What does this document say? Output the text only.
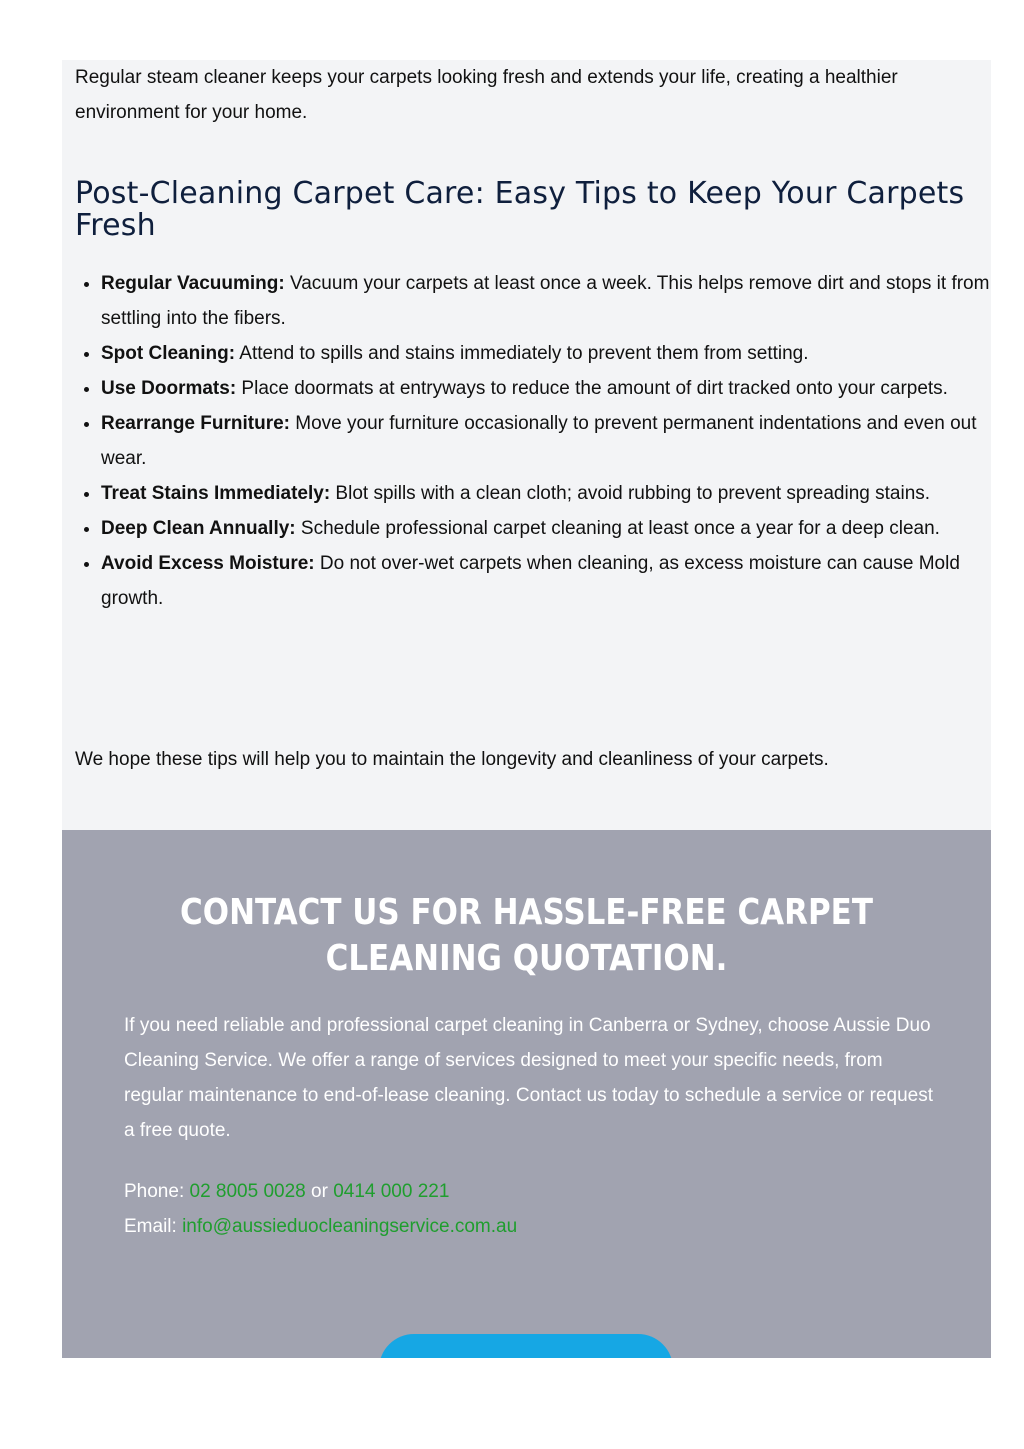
Regular steam cleaner keeps your carpets looking fresh and extends your life, creating a healthier environment for your home.

Post-Cleaning Carpet Care: Easy Tips to Keep Your Carpets Fresh
• Regular Vacuuming: Vacuum your carpets at least once a week. This helps remove dirt and stops it from settling into the fibers.
• Spot Cleaning: Attend to spills and stains immediately to prevent them from setting.
• Use Doormats: Place doormats at entryways to reduce the amount of dirt tracked onto your carpets.
• Rearrange Furniture: Move your furniture occasionally to prevent permanent indentations and even out wear.
• Treat Stains Immediately: Blot spills with a clean cloth; avoid rubbing to prevent spreading stains.
• Deep Clean Annually: Schedule professional carpet cleaning at least once a year for a deep clean.
• Avoid Excess Moisture: Do not over-wet carpets when cleaning, as excess moisture can cause Mold growth.

We hope these tips will help you to maintain the longevity and cleanliness of your carpets.

CONTACT US FOR HASSLE-FREE CARPET CLEANING QUOTATION.

If you need reliable and professional carpet cleaning in Canberra or Sydney, choose Aussie Duo Cleaning Service. We offer a range of services designed to meet your specific needs, from regular maintenance to end-of-lease cleaning. Contact us today to schedule a service or request a free quote.

Phone: 02 8005 0028 or 0414 000 221
Email: info@aussieduocleaningservice.com.au
